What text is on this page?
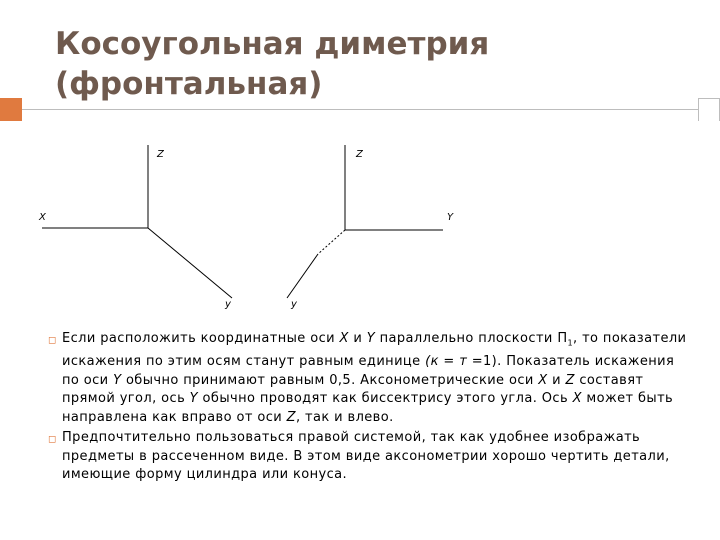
Косоугольная диметрия
(фронтальная)
Z
X
y
Z
Y
y
◻
Если расположить координатные оси X и Y параллельно плоскости $П_1$, то показатели искажения по этим осям станут равным единице (к = т =1). Показатель искажения по оси Y обычно принимают равным 0,5. Аксонометрические оси X и Z составят прямой угол, ось Y обычно проводят как биссектрису этого угла. Ось X может быть направлена как вправо от оси Z, так и влево.
◻
Предпочтительно пользоваться правой системой, так как удобнее изображать предметы в рассеченном виде. В этом виде аксонометрии хорошо чертить детали, имеющие форму цилиндра или конуса.
